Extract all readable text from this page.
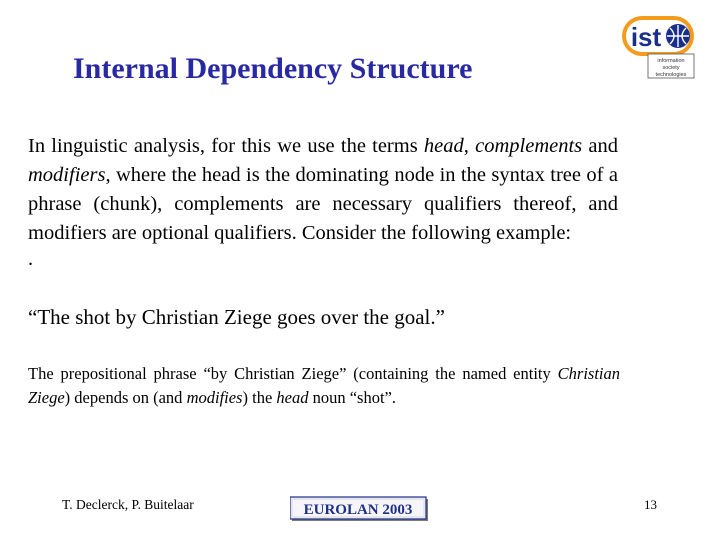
Internal Dependency Structure
ist
information
society
technologies

In linguistic analysis, for this we use the terms head, complements and modifiers, where the head is the dominating node in the syntax tree of a phrase (chunk), complements are necessary qualifiers thereof, and modifiers are optional qualifiers. Consider the following example:

.

“The shot by Christian Ziege goes over the goal.”

The prepositional phrase “by Christian Ziege” (containing the named entity Christian Ziege) depends on (and modifies) the head noun “shot”.

T. Declerck, P. Buitelaar	EUROLAN 2003	13
